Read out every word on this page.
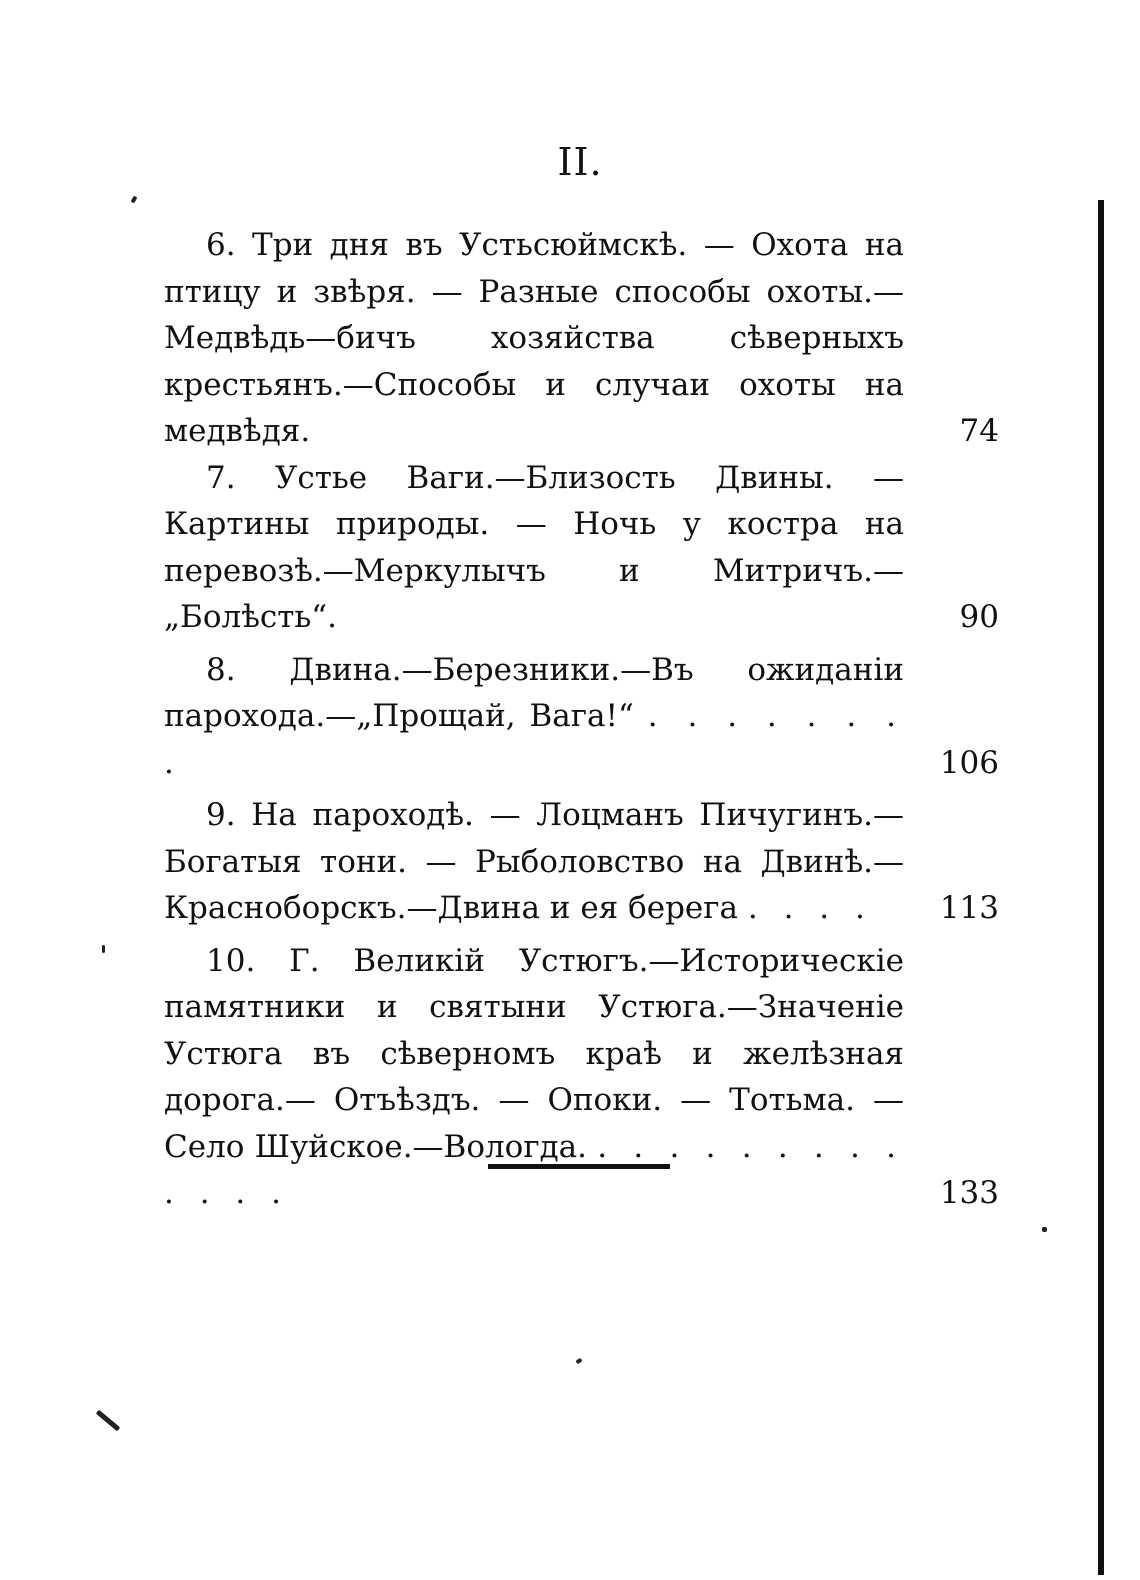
II.
6. Три дня въ Устьсюймскѣ. — Охота на птицу и звѣря. — Разные способы охоты.— Медвѣдь—бичъ хозяйства сѣверныхъ крестьянъ.—Способы и случаи охоты на медвѣдя.	74
7. Устье Ваги.—Близость Двины. — Картины природы. — Ночь у костра на перевозѣ.—Меркулычъ и Митричъ.— „Болѣсть“.	90
8. Двина.—Березники.—Въ ожиданіи парохода.—„Прощай, Вага!“ . . . . . . . .	106
9. На пароходѣ. — Лоцманъ Пичугинъ.— Богатыя тони. — Рыболовство на Двинѣ.— Красноборскъ.—Двина и ея берега . . . .	113
10. Г. Великій Устюгъ.—Историческіе памятники и святыни Устюга.—Значеніе Устюга въ сѣверномъ краѣ и желѣзная дорога.— Отъѣздъ. — Опоки. — Тотьма. — Село Шуйское.—Вологда. . . . . . . . . . . . . .	133
